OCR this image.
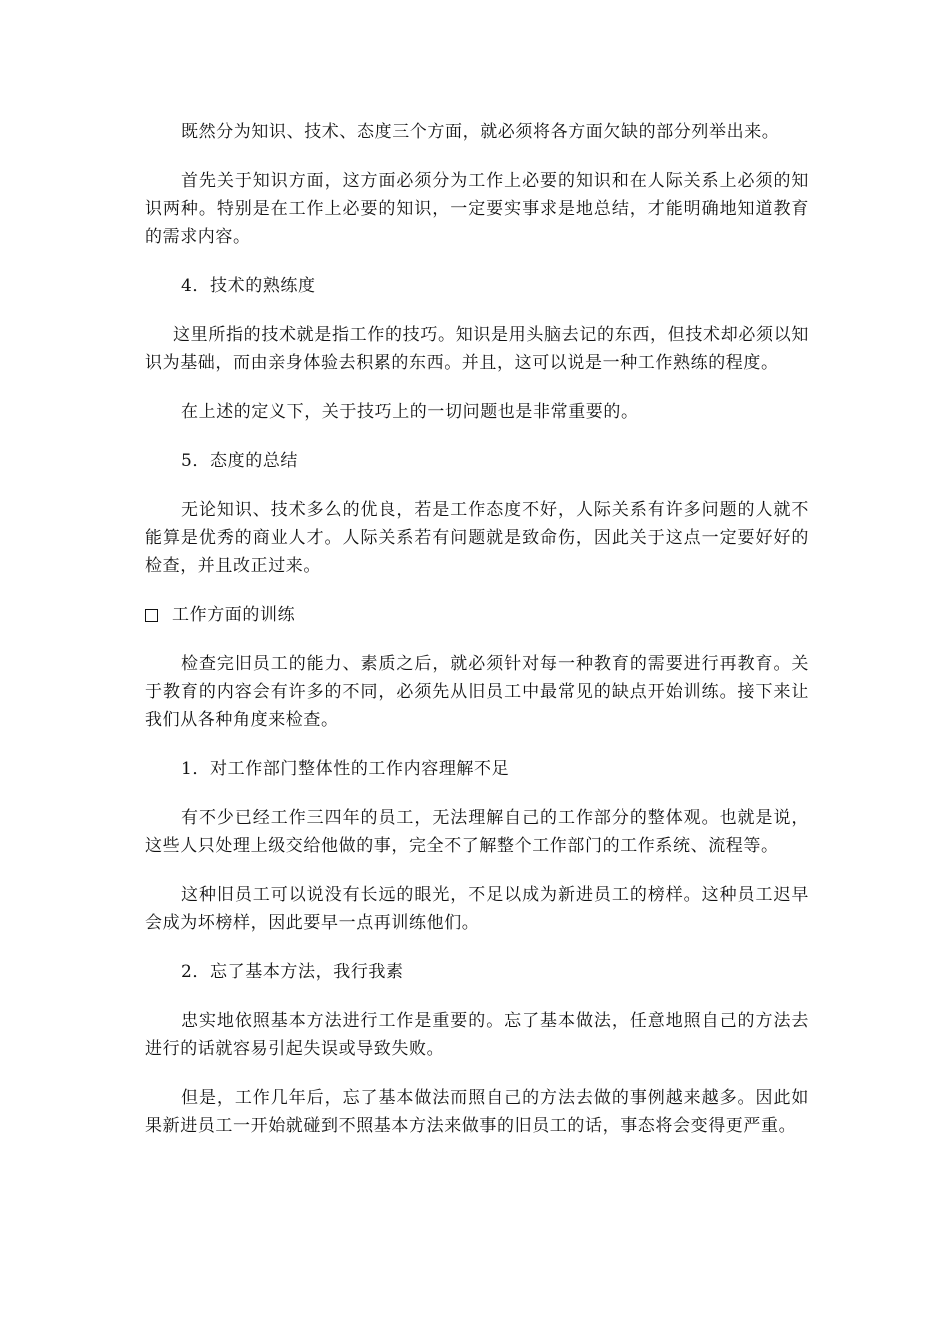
既然分为知识、技术、态度三个方面，就必须将各方面欠缺的部分列举出来。

首先关于知识方面，这方面必须分为工作上必要的知识和在人际关系上必须的知识两种。特别是在工作上必要的知识，一定要实事求是地总结，才能明确地知道教育的需求内容。

4．技术的熟练度

这里所指的技术就是指工作的技巧。知识是用头脑去记的东西，但技术却必须以知识为基础，而由亲身体验去积累的东西。并且，这可以说是一种工作熟练的程度。

在上述的定义下，关于技巧上的一切问题也是非常重要的。

5．态度的总结

无论知识、技术多么的优良，若是工作态度不好，人际关系有许多问题的人就不能算是优秀的商业人才。人际关系若有问题就是致命伤，因此关于这点一定要好好的检查，并且改正过来。

工作方面的训练

检查完旧员工的能力、素质之后，就必须针对每一种教育的需要进行再教育。关于教育的内容会有许多的不同，必须先从旧员工中最常见的缺点开始训练。接下来让我们从各种角度来检查。

1．对工作部门整体性的工作内容理解不足

有不少已经工作三四年的员工，无法理解自己的工作部分的整体观。也就是说，这些人只处理上级交给他做的事，完全不了解整个工作部门的工作系统、流程等。

这种旧员工可以说没有长远的眼光，不足以成为新进员工的榜样。这种员工迟早会成为坏榜样，因此要早一点再训练他们。

2．忘了基本方法，我行我素

忠实地依照基本方法进行工作是重要的。忘了基本做法，任意地照自己的方法去进行的话就容易引起失误或导致失败。

但是，工作几年后，忘了基本做法而照自己的方法去做的事例越来越多。因此如果新进员工一开始就碰到不照基本方法来做事的旧员工的话，事态将会变得更严重。
